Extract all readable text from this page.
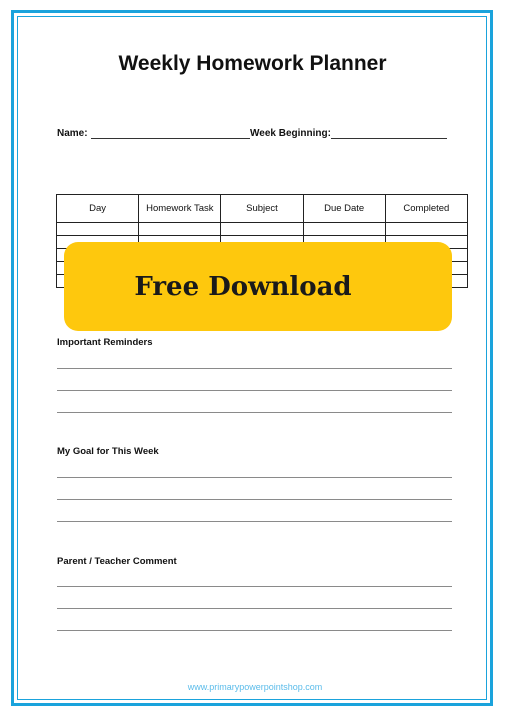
Weekly Homework Planner
Name:	Week Beginning:
Day	Homework Task	Subject	Due Date	Completed

Free Download
Important Reminders
My Goal for This Week
Parent / Teacher Comment
www.primarypowerpointshop.com
